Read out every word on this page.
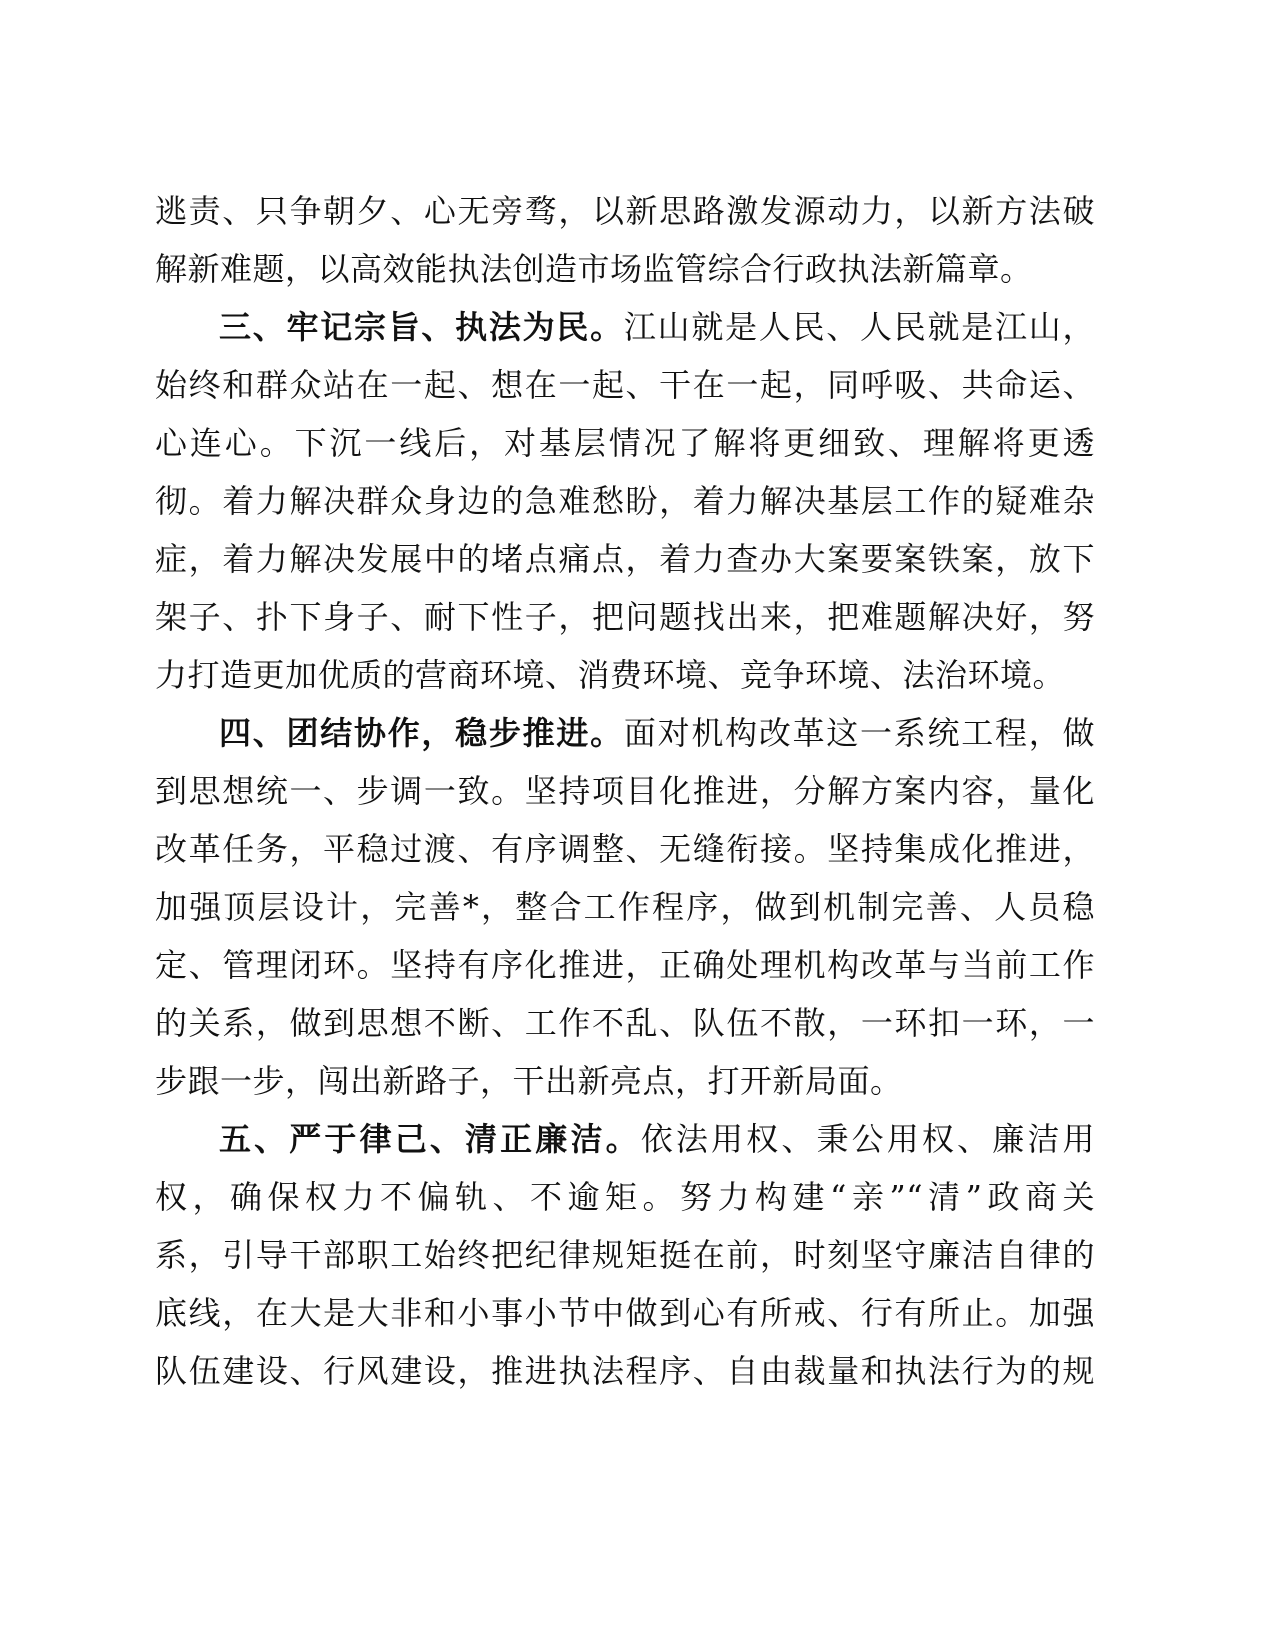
逃责、只争朝夕、心无旁骛，以新思路激发源动力，以新方法破
解新难题，以高效能执法创造市场监管综合行政执法新篇章。
三、牢记宗旨、执法为民。江山就是人民、人民就是江山，
始终和群众站在一起、想在一起、干在一起，同呼吸、共命运、
心连心。下沉一线后，对基层情况了解将更细致、理解将更透
彻。着力解决群众身边的急难愁盼，着力解决基层工作的疑难杂
症，着力解决发展中的堵点痛点，着力查办大案要案铁案，放下
架子、扑下身子、耐下性子，把问题找出来，把难题解决好，努
力打造更加优质的营商环境、消费环境、竞争环境、法治环境。
四、团结协作，稳步推进。面对机构改革这一系统工程，做
到思想统一、步调一致。坚持项目化推进，分解方案内容，量化
改革任务，平稳过渡、有序调整、无缝衔接。坚持集成化推进，
加强顶层设计，完善*，整合工作程序，做到机制完善、人员稳
定、管理闭环。坚持有序化推进，正确处理机构改革与当前工作
的关系，做到思想不断、工作不乱、队伍不散，一环扣一环，一
步跟一步，闯出新路子，干出新亮点，打开新局面。
五、严于律己、清正廉洁。依法用权、秉公用权、廉洁用
权，确保权力不偏轨、不逾矩。努力构建“亲”“清”政商关
系，引导干部职工始终把纪律规矩挺在前，时刻坚守廉洁自律的
底线，在大是大非和小事小节中做到心有所戒、行有所止。加强
队伍建设、行风建设，推进执法程序、自由裁量和执法行为的规
